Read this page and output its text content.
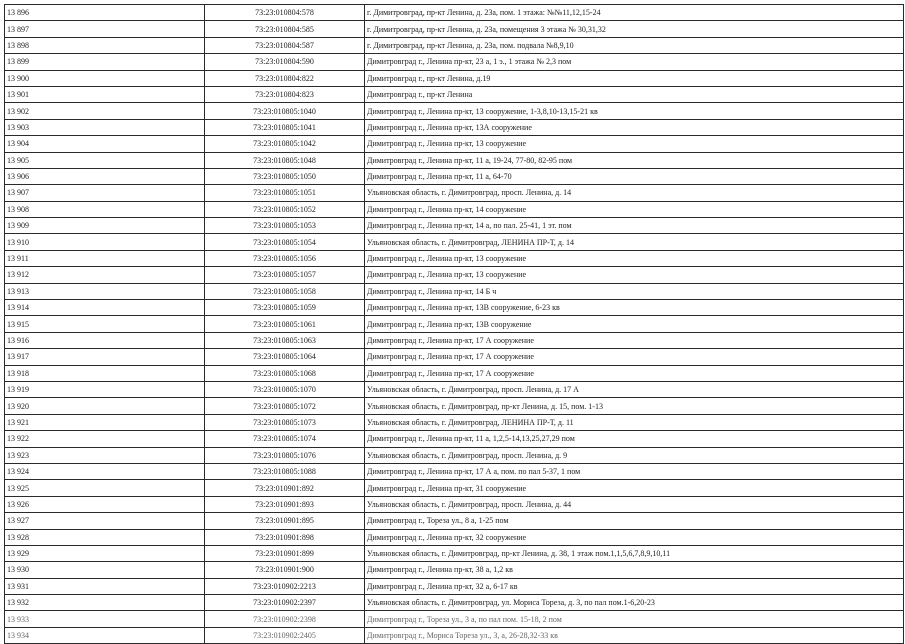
13 896	73:23:010804:578	г. Димитровград, пр-кт Ленина, д. 23а, пом. 1 этажа: №№11,12,15-24
13 897	73:23:010804:585	г. Димитровград, пр-кт Ленина, д. 23а, помещения 3 этажа № 30,31,32
13 898	73:23:010804:587	г. Димитровград, пр-кт Ленина, д. 23а, пом. подвала №8,9,10
13 899	73:23:010804:590	Димитровград г., Ленина пр-кт, 23 а, 1 э., 1 этажа № 2,3 пом
13 900	73:23:010804:822	Димитровград г., пр-кт Ленина, д.19
13 901	73:23:010804:823	Димитровград г., пр-кт Ленина
13 902	73:23:010805:1040	Димитровград г., Ленина пр-кт, 13 сооружение, 1-3,8,10-13,15-21 кв
13 903	73:23:010805:1041	Димитровград г., Ленина пр-кт, 13А сооружение
13 904	73:23:010805:1042	Димитровград г., Ленина пр-кт, 13 сооружение
13 905	73:23:010805:1048	Димитровград г., Ленина пр-кт, 11 а, 19-24, 77-80, 82-95 пом
13 906	73:23:010805:1050	Димитровград г., Ленина пр-кт, 11 а, 64-70
13 907	73:23:010805:1051	Ульяновская область, г. Димитровград, просп. Ленина, д. 14
13 908	73:23:010805:1052	Димитровград г., Ленина пр-кт, 14 сооружение
13 909	73:23:010805:1053	Димитровград г., Ленина пр-кт, 14 а, по пал. 25-41, 1 эт. пом
13 910	73:23:010805:1054	Ульяновская область, г. Димитровград, ЛЕНИНА ПР-Т, д. 14
13 911	73:23:010805:1056	Димитровград г., Ленина пр-кт, 13 сооружение
13 912	73:23:010805:1057	Димитровград г., Ленина пр-кт, 13 сооружение
13 913	73:23:010805:1058	Димитровград г., Ленина пр-кт, 14 Б ч
13 914	73:23:010805:1059	Димитровград г., Ленина пр-кт, 13В сооружение, 6-23 кв
13 915	73:23:010805:1061	Димитровград г., Ленина пр-кт, 13В сооружение
13 916	73:23:010805:1063	Димитровград г., Ленина пр-кт, 17 А сооружение
13 917	73:23:010805:1064	Димитровград г., Ленина пр-кт, 17 А сооружение
13 918	73:23:010805:1068	Димитровград г., Ленина пр-кт, 17 А сооружение
13 919	73:23:010805:1070	Ульяновская область, г. Димитровград, просп. Ленина, д. 17 А
13 920	73:23:010805:1072	Ульяновская область, г. Димитровград, пр-кт Ленина, д. 15, пом. 1-13
13 921	73:23:010805:1073	Ульяновская область, г. Димитровград, ЛЕНИНА ПР-Т, д. 11
13 922	73:23:010805:1074	Димитровград г., Ленина пр-кт, 11 а, 1,2,5-14,13,25,27,29 пом
13 923	73:23:010805:1076	Ульяновская область, г. Димитровград, просп. Ленина, д. 9
13 924	73:23:010805:1088	Димитровград г., Ленина пр-кт, 17 А а, пом. по пал 5-37, 1 пом
13 925	73:23:010901:892	Димитровград г., Ленина пр-кт, 31 сооружение
13 926	73:23:010901:893	Ульяновская область, г. Димитровград, просп. Ленина, д. 44
13 927	73:23:010901:895	Димитровград г., Тореза ул., 8 а, 1-25 пом
13 928	73:23:010901:898	Димитровград г., Ленина пр-кт, 32 сооружение
13 929	73:23:010901:899	Ульяновская область, г. Димитровград, пр-кт Ленина, д. 38, 1 этаж пом.1,1,5,6,7,8,9,10,11
13 930	73:23:010901:900	Димитровград г., Ленина пр-кт, 38 а, 1,2 кв
13 931	73:23:010902:2213	Димитровград г., Ленина пр-кт, 32 а, 6-17 кв
13 932	73:23:010902:2397	Ульяновская область, г. Димитровград, ул. Мориса Тореза, д. 3, по пал пом.1-6,20-23
13 933	73:23:010902:2398	Димитровград г., Тореза ул., 3 а, по пал пом. 15-18, 2 пом
13 934	73:23:010902:2405	Димитровград г., Мориса Тореза ул., 3, а, 26-28,32-33 кв
